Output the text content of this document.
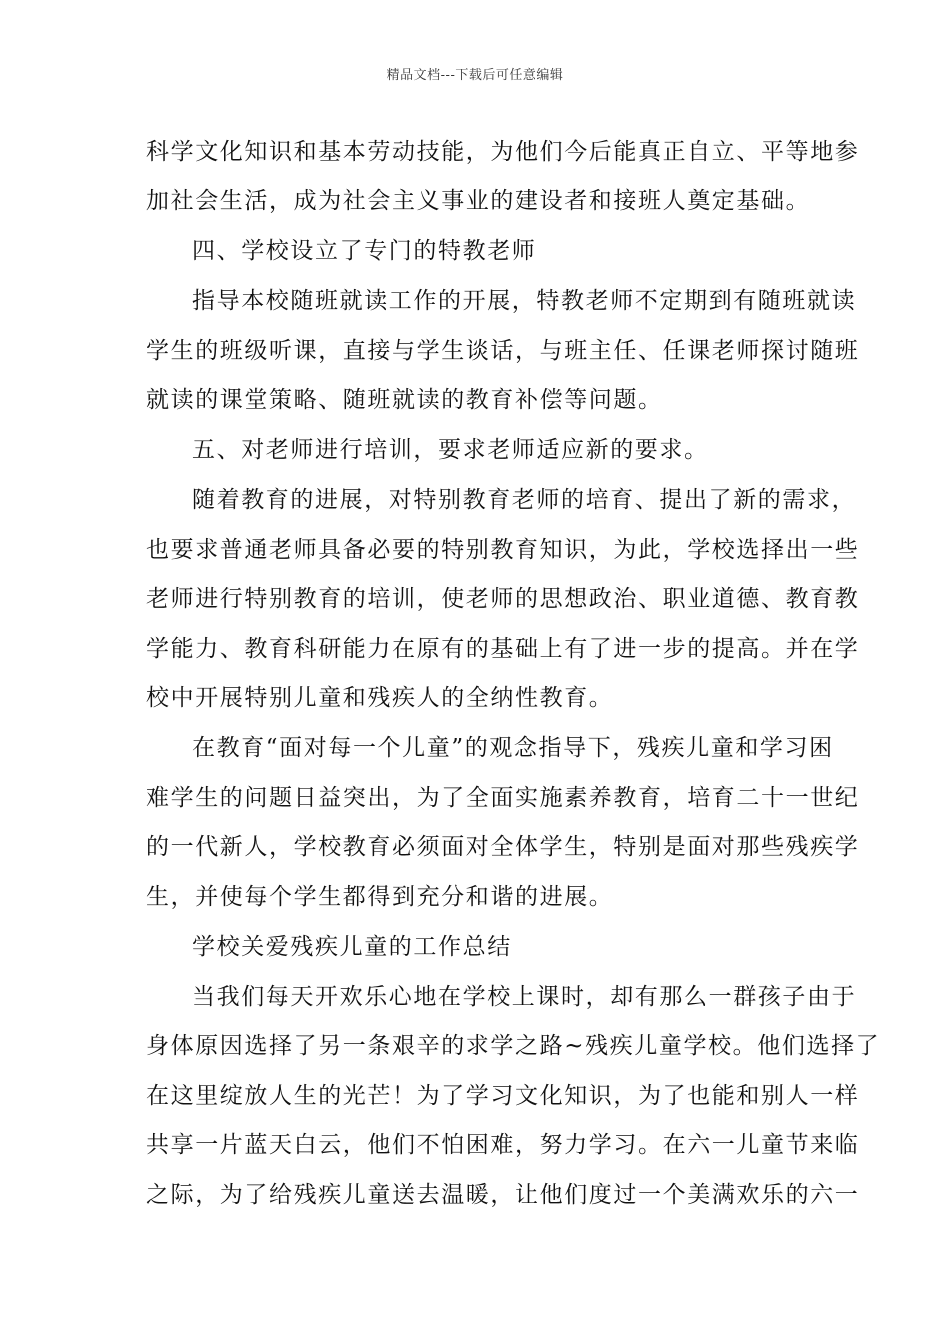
精品文档---下载后可任意编辑
科学文化知识和基本劳动技能，为他们今后能真正自立、平等地参
加社会生活，成为社会主义事业的建设者和接班人奠定基础。
四、学校设立了专门的特教老师
指导本校随班就读工作的开展，特教老师不定期到有随班就读
学生的班级听课，直接与学生谈话，与班主任、任课老师探讨随班
就读的课堂策略、随班就读的教育补偿等问题。
五、对老师进行培训，要求老师适应新的要求。
随着教育的进展，对特别教育老师的培育、提出了新的需求，
也要求普通老师具备必要的特别教育知识，为此，学校选择出一些
老师进行特别教育的培训，使老师的思想政治、职业道德、教育教
学能力、教育科研能力在原有的基础上有了进一步的提高。并在学
校中开展特别儿童和残疾人的全纳性教育。
在教育“面对每一个儿童”的观念指导下，残疾儿童和学习困
难学生的问题日益突出，为了全面实施素养教育，培育二十一世纪
的一代新人，学校教育必须面对全体学生，特别是面对那些残疾学
生，并使每个学生都得到充分和谐的进展。
学校关爱残疾儿童的工作总结
当我们每天开欢乐心地在学校上课时，却有那么一群孩子由于
身体原因选择了另一条艰辛的求学之路~残疾儿童学校。他们选择了
在这里绽放人生的光芒！为了学习文化知识，为了也能和别人一样
共享一片蓝天白云，他们不怕困难，努力学习。在六一儿童节来临
之际，为了给残疾儿童送去温暖，让他们度过一个美满欢乐的六一
